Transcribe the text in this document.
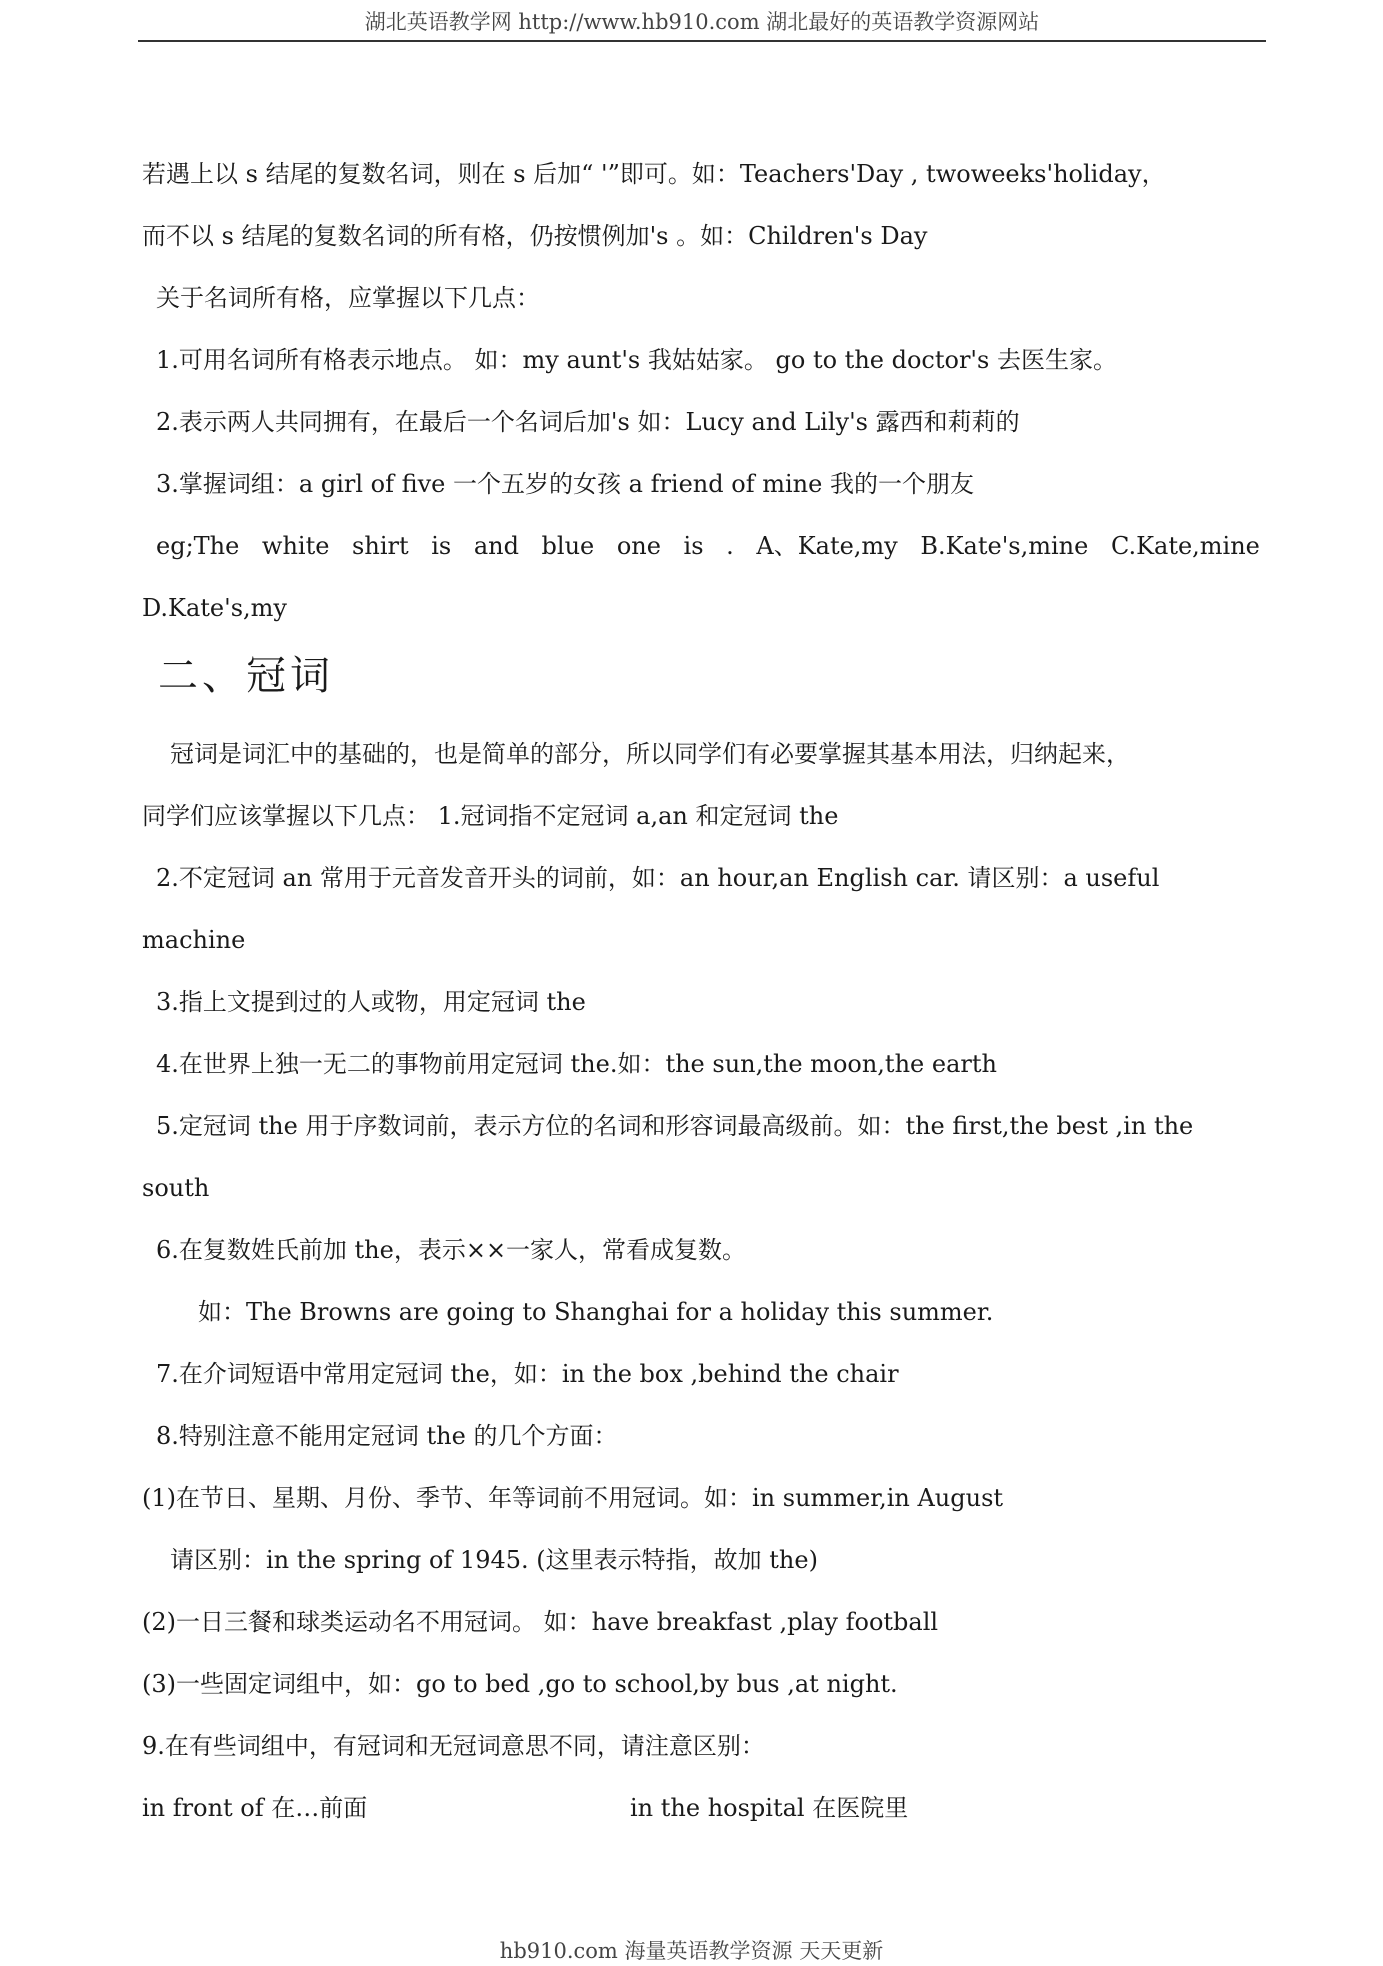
湖北英语教学网 http://www.hb910.com 湖北最好的英语教学资源网站
若遇上以 s 结尾的复数名词，则在 s 后加“ '”即可。如：Teachers'Day , twoweeks'holiday，
而不以 s 结尾的复数名词的所有格，仍按惯例加's 。如：Children's Day
关于名词所有格，应掌握以下几点：
1.可用名词所有格表示地点。 如：my aunt's 我姑姑家。 go to the doctor's 去医生家。
2.表示两人共同拥有，在最后一个名词后加's 如：Lucy and Lily's 露西和莉莉的
3.掌握词组：a girl of five 一个五岁的女孩 a friend of mine 我的一个朋友
eg;The white shirt is and blue one is . A、Kate,my B.Kate's,mine C.Kate,mine
D.Kate's,my
二、冠词
冠词是词汇中的基础的，也是简单的部分，所以同学们有必要掌握其基本用法，归纳起来，
同学们应该掌握以下几点： 1.冠词指不定冠词 a,an 和定冠词 the
2.不定冠词 an 常用于元音发音开头的词前，如：an hour,an English car. 请区别：a useful
machine
3.指上文提到过的人或物，用定冠词 the
4.在世界上独一无二的事物前用定冠词 the.如：the sun,the moon,the earth
5.定冠词 the 用于序数词前，表示方位的名词和形容词最高级前。如：the first,the best ,in the
south
6.在复数姓氏前加 the，表示××一家人，常看成复数。
如：The Browns are going to Shanghai for a holiday this summer.
7.在介词短语中常用定冠词 the，如：in the box ,behind the chair
8.特别注意不能用定冠词 the 的几个方面：
(1)在节日、星期、月份、季节、年等词前不用冠词。如：in summer,in August
请区别：in the spring of 1945. (这里表示特指，故加 the)
(2)一日三餐和球类运动名不用冠词。 如：have breakfast ,play football
(3)一些固定词组中，如：go to bed ,go to school,by bus ,at night.
9.在有些词组中，有冠词和无冠词意思不同，请注意区别：
in front of 在…前面	in the hospital 在医院里
hb910.com 海量英语教学资源 天天更新
